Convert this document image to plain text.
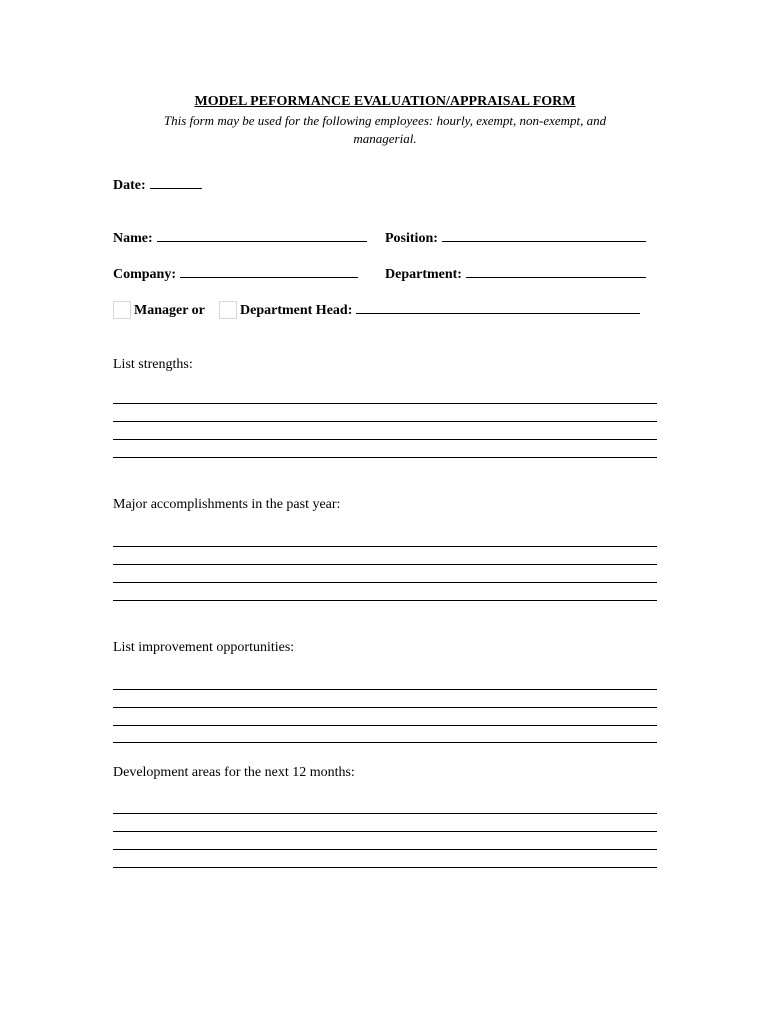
MODEL PEFORMANCE EVALUATION/APPRAISAL FORM
This form may be used for the following employees: hourly, exempt, non-exempt, and managerial.
Date:
Name:	Position:
Company:	Department:
Manager or	Department Head:
List strengths:
Major accomplishments in the past year:
List improvement opportunities:
Development areas for the next 12 months:
